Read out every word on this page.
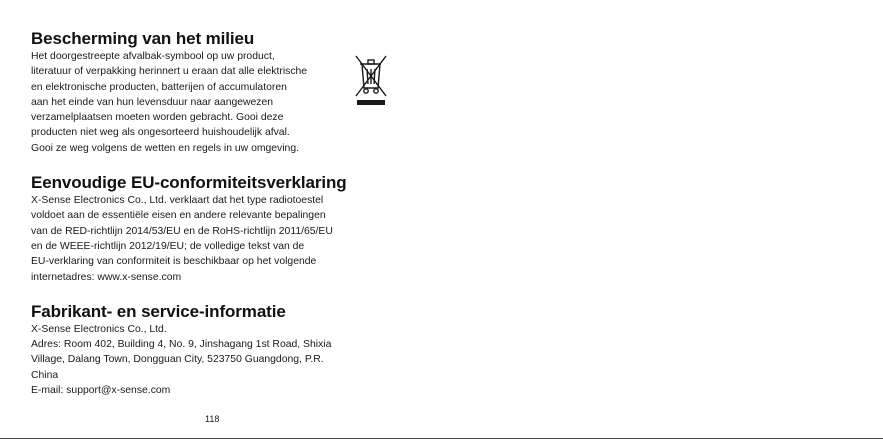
Bescherming van het milieu

Het doorgestreepte afvalbak-symbool op uw product,
literatuur of verpakking herinnert u eraan dat alle elektrische
en elektronische producten, batterijen of accumulatoren
aan het einde van hun levensduur naar aangewezen
verzamelplaatsen moeten worden gebracht. Gooi deze
producten niet weg als ongesorteerd huishoudelijk afval.
Gooi ze weg volgens de wetten en regels in uw omgeving.

Eenvoudige EU-conformiteitsverklaring

X-Sense Electronics Co., Ltd. verklaart dat het type radiotoestel
voldoet aan de essentiële eisen en andere relevante bepalingen
van de RED-richtlijn 2014/53/EU en de RoHS-richtlijn 2011/65/EU
en de WEEE-richtlijn 2012/19/EU; de volledige tekst van de
EU-verklaring van conformiteit is beschikbaar op het volgende
internetadres: www.x-sense.com

Fabrikant- en service-informatie

X-Sense Electronics Co., Ltd.
Adres: Room 402, Building 4, No. 9, Jinshagang 1st Road, Shixia
Village, Dalang Town, Dongguan City, 523750 Guangdong, P.R.
China
E-mail: support@x-sense.com

118
